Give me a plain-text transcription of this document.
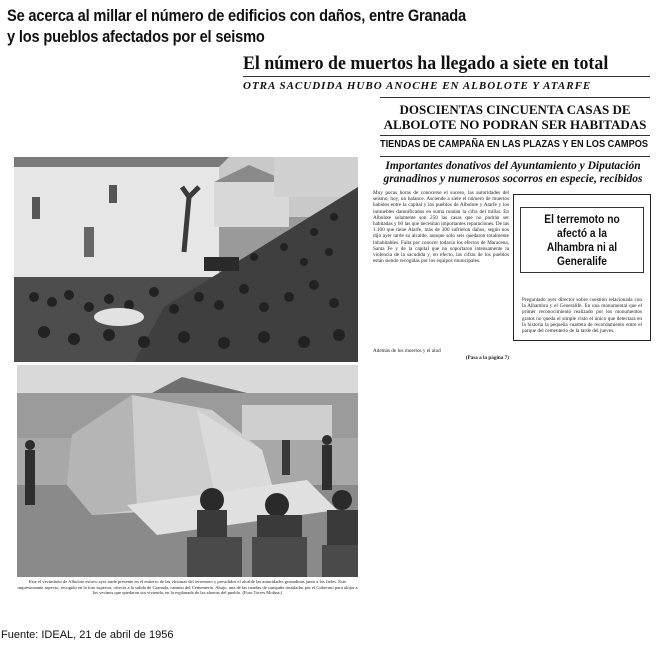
Se acerca al millar el número de edificios con daños, entre Granada
y los pueblos afectados por el seismo
El número de muertos ha llegado a siete en total
OTRA SACUDIDA HUBO ANOCHE EN ALBOLOTE Y ATARFE
DOSCIENTAS CINCUENTA CASAS DE
ALBOLOTE NO PODRAN SER HABITADAS
TIENDAS DE CAMPAÑA EN LAS PLAZAS Y EN LOS CAMPOS
Importantes donativos del Ayuntamiento y Diputación
granadinos y numerosos socorros en especie, recibidos
Muy pocas horas de conocerse el suceso, las autoridades del seísmo, hoy, un balance. Asciende a siete el número de muertos habidos entre la capital y los pueblos de Albolote y Atarfe y los inmuebles damnificados en suma rondan la cifra del millar. En Albolote solamente son 250 las casas que no podrán ser habitadas y 60 las que necesitan importantes reparaciones. De las 1.100 que tiene Atarfe, más de 300 sufrieron daños, según nos dijo ayer tarde su alcalde, aunque sólo seis quedaron totalmente inhabitables. Falta por conocer todavía los efectos de Maracena, Santa Fe y de la capital que no soportaron intensamente la violencia de la sacudida y, en efecto, las cifras de los pueblos están siendo recogidas por los equipos municipales.
Además de los muertos y el alud
(Pasa a la página 7)
El terremoto no afectó a la
Alhambra ni al Generalife
Preguntado ayer director sobre cuestión relacionada con la Alhambra y el Generalife. En una monumental que el primer reconocimiento realizado por los monumentos gratos no queda el simple visto el único que detectara en la historia la pequeña cuarteta de recordamiento entre el parque del cementerio de la tarde del jueves.
Este el vecindario de Albolote estuvo ayer tarde presente en el entierro de las víctimas del terremoto y presididos el alcalde las autoridades granadinas junto a los fieles. Este impresionante aspecto, recogido en la foto superior, ofrecía a la salida de Granada, camino del Cementerio. Abajo, una de las tiendas de campaña instaladas por el Gobierno para alojar a los vecinos que quedaron sin vivienda, en la explanada de las afueras del pueblo. (Foto Torres Molina.)
Fuente: IDEAL, 21 de abril de 1956
